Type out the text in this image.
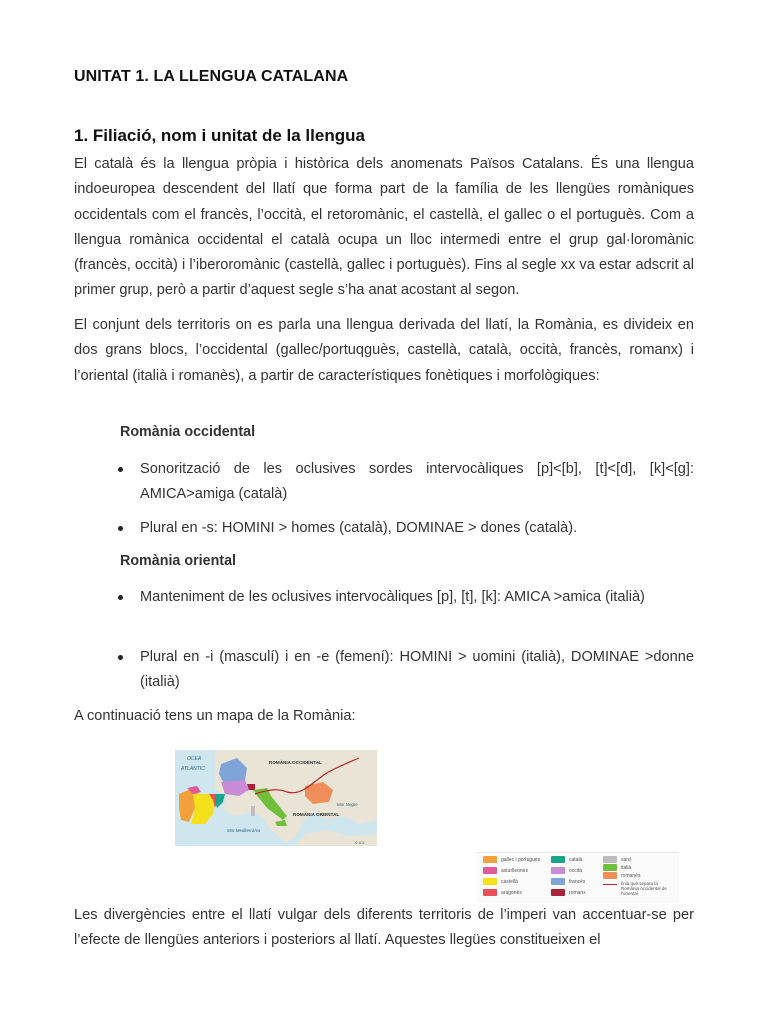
UNITAT 1. LA LLENGUA CATALANA
1. Filiació, nom i unitat de la llengua

El català és la llengua pròpia i històrica dels anomenats Països Catalans. És una llengua indoeuropea descendent del llatí que forma part de la família de les llengües romàniques occidentals com el francès, l’occità, el retoromànic, el castellà, el gallec o el portuguès. Com a llengua romànica occidental el català ocupa un lloc intermedi entre el grup gal·loromànic (francès, occità) i l’iberoromànic (castellà, gallec i portuguès). Fins al segle xx va estar adscrit al primer grup, però a partir d’aquest segle s’ha anat acostant al segon.

El conjunt dels territoris on es parla una llengua derivada del llatí, la Romània, es divideix en dos grans blocs, l’occidental (gallec/portuqguès, castellà, català, occità, francès, romanx) i l’oriental (italià i romanès), a partir de característiques fonètiques i morfològiques:

Romània occidental
Sonorització de les oclusives sordes intervocàliques [p]<[b], [t]<[d], [k]<[g]: AMICA>amiga (català)
Plural en -s: HOMINI > homes (català), DOMINAE > dones (català).
Romània oriental
Manteniment de les oclusives intervocàliques [p], [t], [k]: AMICA >amica (italià)
Plural en -i (masculí) i en -e (femení): HOMINI > uomini (italià), DOMINAE >donne (italià)

A continuació tens un mapa de la Romània:

Les divergències entre el llatí vulgar dels diferents territoris de l’imperi van accentuar-se per l’efecte de llengües anteriors i posteriors al llatí. Aquestes llegües constitueixen el

OCEÀ
ATLÀNTIC
ROMÀNIA OCCIDENTAL
ROMÀNIA ORIENTAL
Mar Negre
Mar Mediterrània
© ICL
gallec i portuguès
asturlleonès
castellà
aragonès
català
occità
francès
romanx
sard
italià
romanès
línia que separa la Romània occidental de l’oriental
